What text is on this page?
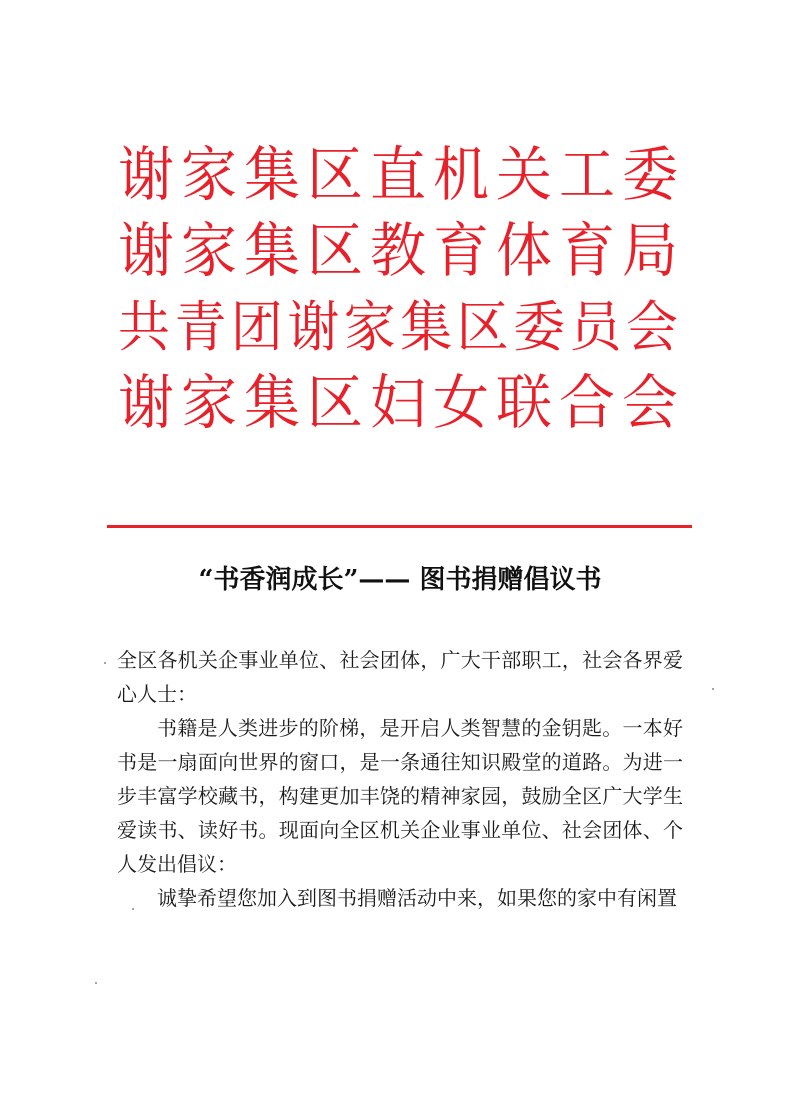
谢 家 集 区 直 机 关 工 委
谢 家 集 区 教 育 体 育 局
共 青 团 谢 家 集 区 委 员 会
谢 家 集 区 妇 女 联 合 会
“书香润成长”—— 图书捐赠倡议书

全区各机关企事业单位、社会团体，广大干部职工，社会各界爱心人士：

书籍是人类进步的阶梯，是开启人类智慧的金钥匙。一本好书是一扇面向世界的窗口，是一条通往知识殿堂的道路。为进一步丰富学校藏书，构建更加丰饶的精神家园，鼓励全区广大学生爱读书、读好书。现面向全区机关企业事业单位、社会团体、个人发出倡议：

诚挚希望您加入到图书捐赠活动中来，如果您的家中有闲置
